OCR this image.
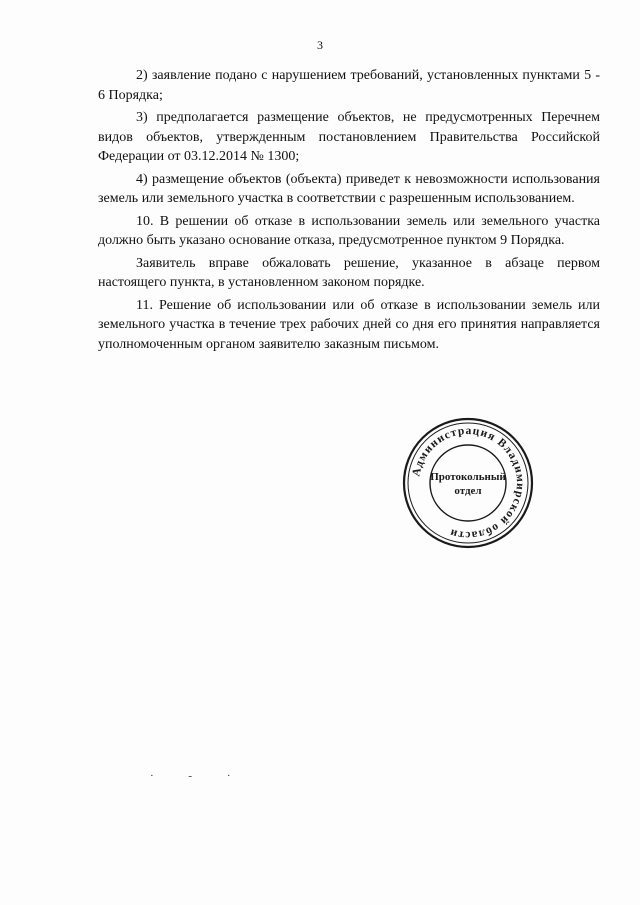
3

2) заявление подано с нарушением требований, установленных пунктами 5 - 6 Порядка;

3) предполагается размещение объектов, не предусмотренных Перечнем видов объектов, утвержденным постановлением Правительства Российской Федерации от 03.12.2014 № 1300;

4) размещение объектов (объекта) приведет к невозможности использования земель или земельного участка в соответствии с разрешенным использованием.

10. В решении об отказе в использовании земель или земельного участка должно быть указано основание отказа, предусмотренное пунктом 9 Порядка.

Заявитель вправе обжаловать решение, указанное в абзаце первом настоящего пункта, в установленном законом порядке.

11. Решение об использовании или об отказе в использовании земель или земельного участка в течение трех рабочих дней со дня его принятия направляется уполномоченным органом заявителю заказным письмом.

Администрация Владимирской области
Протокольный
отдел
· ‐ ·
